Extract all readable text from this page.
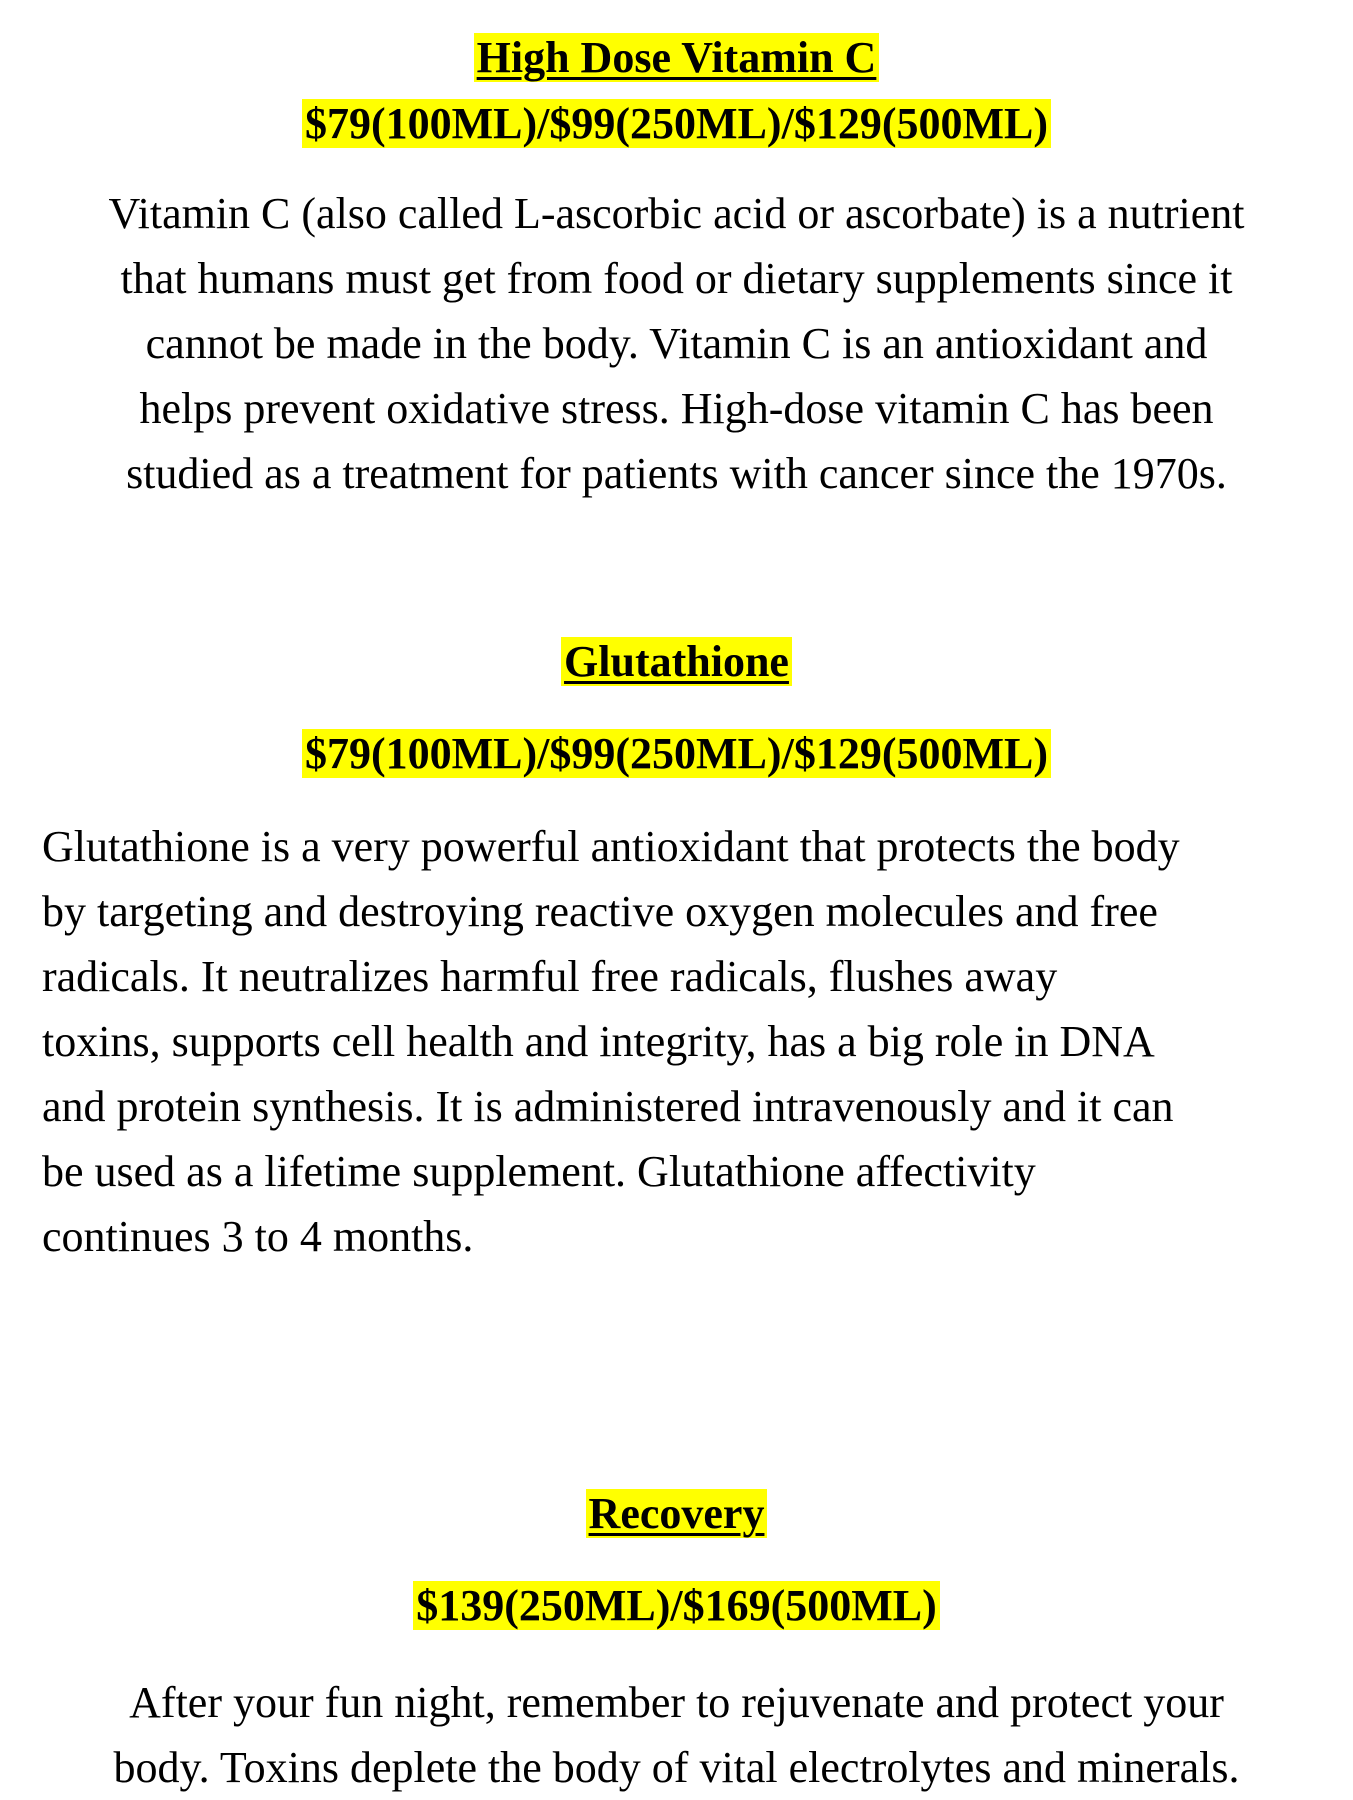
High Dose Vitamin C
$79(100ML)/$99(250ML)/$129(500ML)
Vitamin C (also called L-ascorbic acid or ascorbate) is a nutrient
that humans must get from food or dietary supplements since it
cannot be made in the body. Vitamin C is an antioxidant and
helps prevent oxidative stress. High-dose vitamin C has been
studied as a treatment for patients with cancer since the 1970s.
Glutathione
$79(100ML)/$99(250ML)/$129(500ML)
Glutathione is a very powerful antioxidant that protects the body
by targeting and destroying reactive oxygen molecules and free
radicals. It neutralizes harmful free radicals, flushes away
toxins, supports cell health and integrity, has a big role in DNA
and protein synthesis. It is administered intravenously and it can
be used as a lifetime supplement. Glutathione affectivity
continues 3 to 4 months.
Recovery
$139(250ML)/$169(500ML)
After your fun night, remember to rejuvenate and protect your
body. Toxins deplete the body of vital electrolytes and minerals.
